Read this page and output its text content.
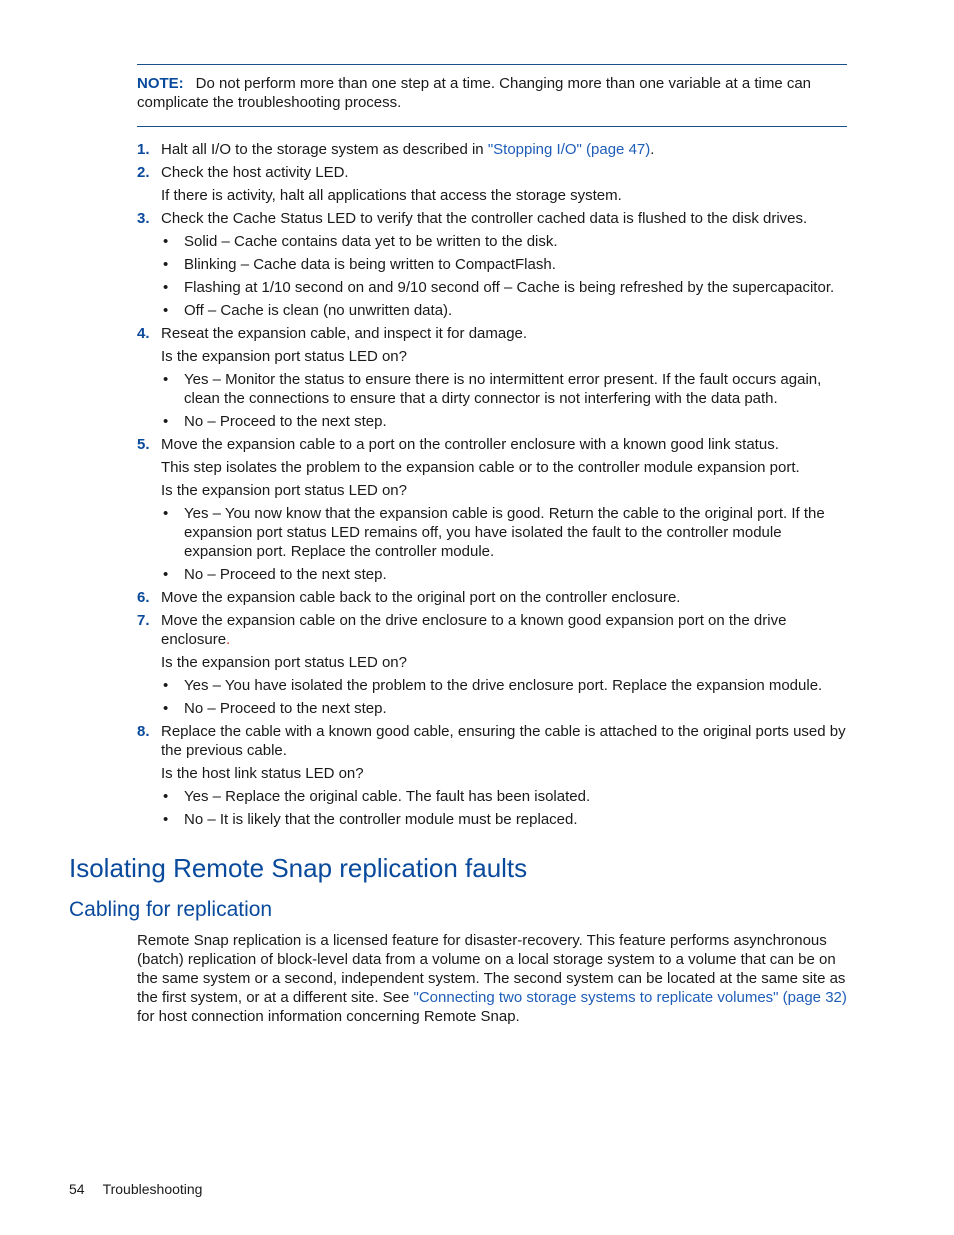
NOTE: Do not perform more than one step at a time. Changing more than one variable at a time can complicate the troubleshooting process.
1. Halt all I/O to the storage system as described in "Stopping I/O" (page 47).
2. Check the host activity LED.
If there is activity, halt all applications that access the storage system.
3. Check the Cache Status LED to verify that the controller cached data is flushed to the disk drives.
• Solid – Cache contains data yet to be written to the disk.
• Blinking – Cache data is being written to CompactFlash.
• Flashing at 1/10 second on and 9/10 second off – Cache is being refreshed by the supercapacitor.
• Off – Cache is clean (no unwritten data).
4. Reseat the expansion cable, and inspect it for damage.
Is the expansion port status LED on?
• Yes – Monitor the status to ensure there is no intermittent error present. If the fault occurs again, clean the connections to ensure that a dirty connector is not interfering with the data path.
• No – Proceed to the next step.
5. Move the expansion cable to a port on the controller enclosure with a known good link status.
This step isolates the problem to the expansion cable or to the controller module expansion port.
Is the expansion port status LED on?
• Yes – You now know that the expansion cable is good. Return the cable to the original port. If the expansion port status LED remains off, you have isolated the fault to the controller module expansion port. Replace the controller module.
• No – Proceed to the next step.
6. Move the expansion cable back to the original port on the controller enclosure.
7. Move the expansion cable on the drive enclosure to a known good expansion port on the drive enclosure.
Is the expansion port status LED on?
• Yes – You have isolated the problem to the drive enclosure port. Replace the expansion module.
• No – Proceed to the next step.
8. Replace the cable with a known good cable, ensuring the cable is attached to the original ports used by the previous cable.
Is the host link status LED on?
• Yes – Replace the original cable. The fault has been isolated.
• No – It is likely that the controller module must be replaced.
Isolating Remote Snap replication faults
Cabling for replication
Remote Snap replication is a licensed feature for disaster-recovery. This feature performs asynchronous (batch) replication of block-level data from a volume on a local storage system to a volume that can be on the same system or a second, independent system. The second system can be located at the same site as the first system, or at a different site. See "Connecting two storage systems to replicate volumes" (page 32) for host connection information concerning Remote Snap.
54 Troubleshooting
